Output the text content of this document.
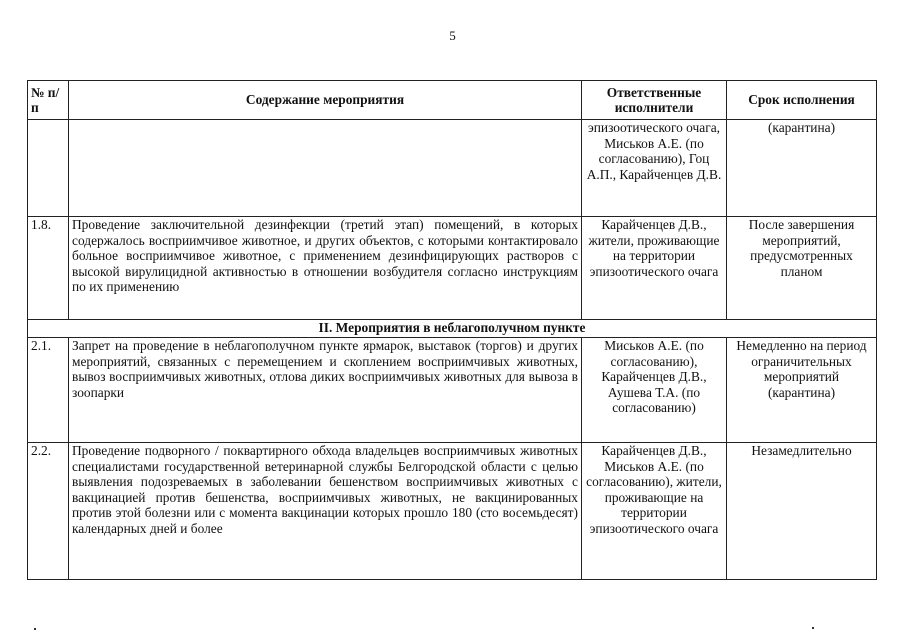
5
№ п/п	Содержание мероприятия	Ответственные исполнители	Срок исполнения
		эпизоотического очага, Миськов А.Е. (по согласованию), Гоц А.П., Карайченцев Д.В.	(карантина)
1.8.	Проведение заключительной дезинфекции (третий этап) помещений, в которых содержалось восприимчивое животное, и других объектов, с которыми контактировало больное восприимчивое животное, с применением дезинфицирующих растворов с высокой вирулицидной активностью в отношении возбудителя согласно инструкциям по их применению	Карайченцев Д.В., жители, проживающие на территории эпизоотического очага	После завершения мероприятий, предусмотренных планом
II. Мероприятия в неблагополучном пункте			
2.1.	Запрет на проведение в неблагополучном пункте ярмарок, выставок (торгов) и других мероприятий, связанных с перемещением и скоплением восприимчивых животных, вывоз восприимчивых животных, отлова диких восприимчивых животных для вывоза в зоопарки	Миськов А.Е. (по согласованию), Карайченцев Д.В., Аушева Т.А. (по согласованию)	Немедленно на период ограничительных мероприятий (карантина)
2.2.	Проведение подворного / поквартирного обхода владельцев восприимчивых животных специалистами государственной ветеринарной службы Белгородской области с целью выявления подозреваемых в заболевании бешенством восприимчивых животных с вакцинацией против бешенства, восприимчивых животных, не вакцинированных против этой болезни или с момента вакцинации которых прошло 180 (сто восемьдесят) календарных дней и более	Карайченцев Д.В., Миськов А.Е. (по согласованию), жители, проживающие на территории эпизоотического очага	Незамедлительно
